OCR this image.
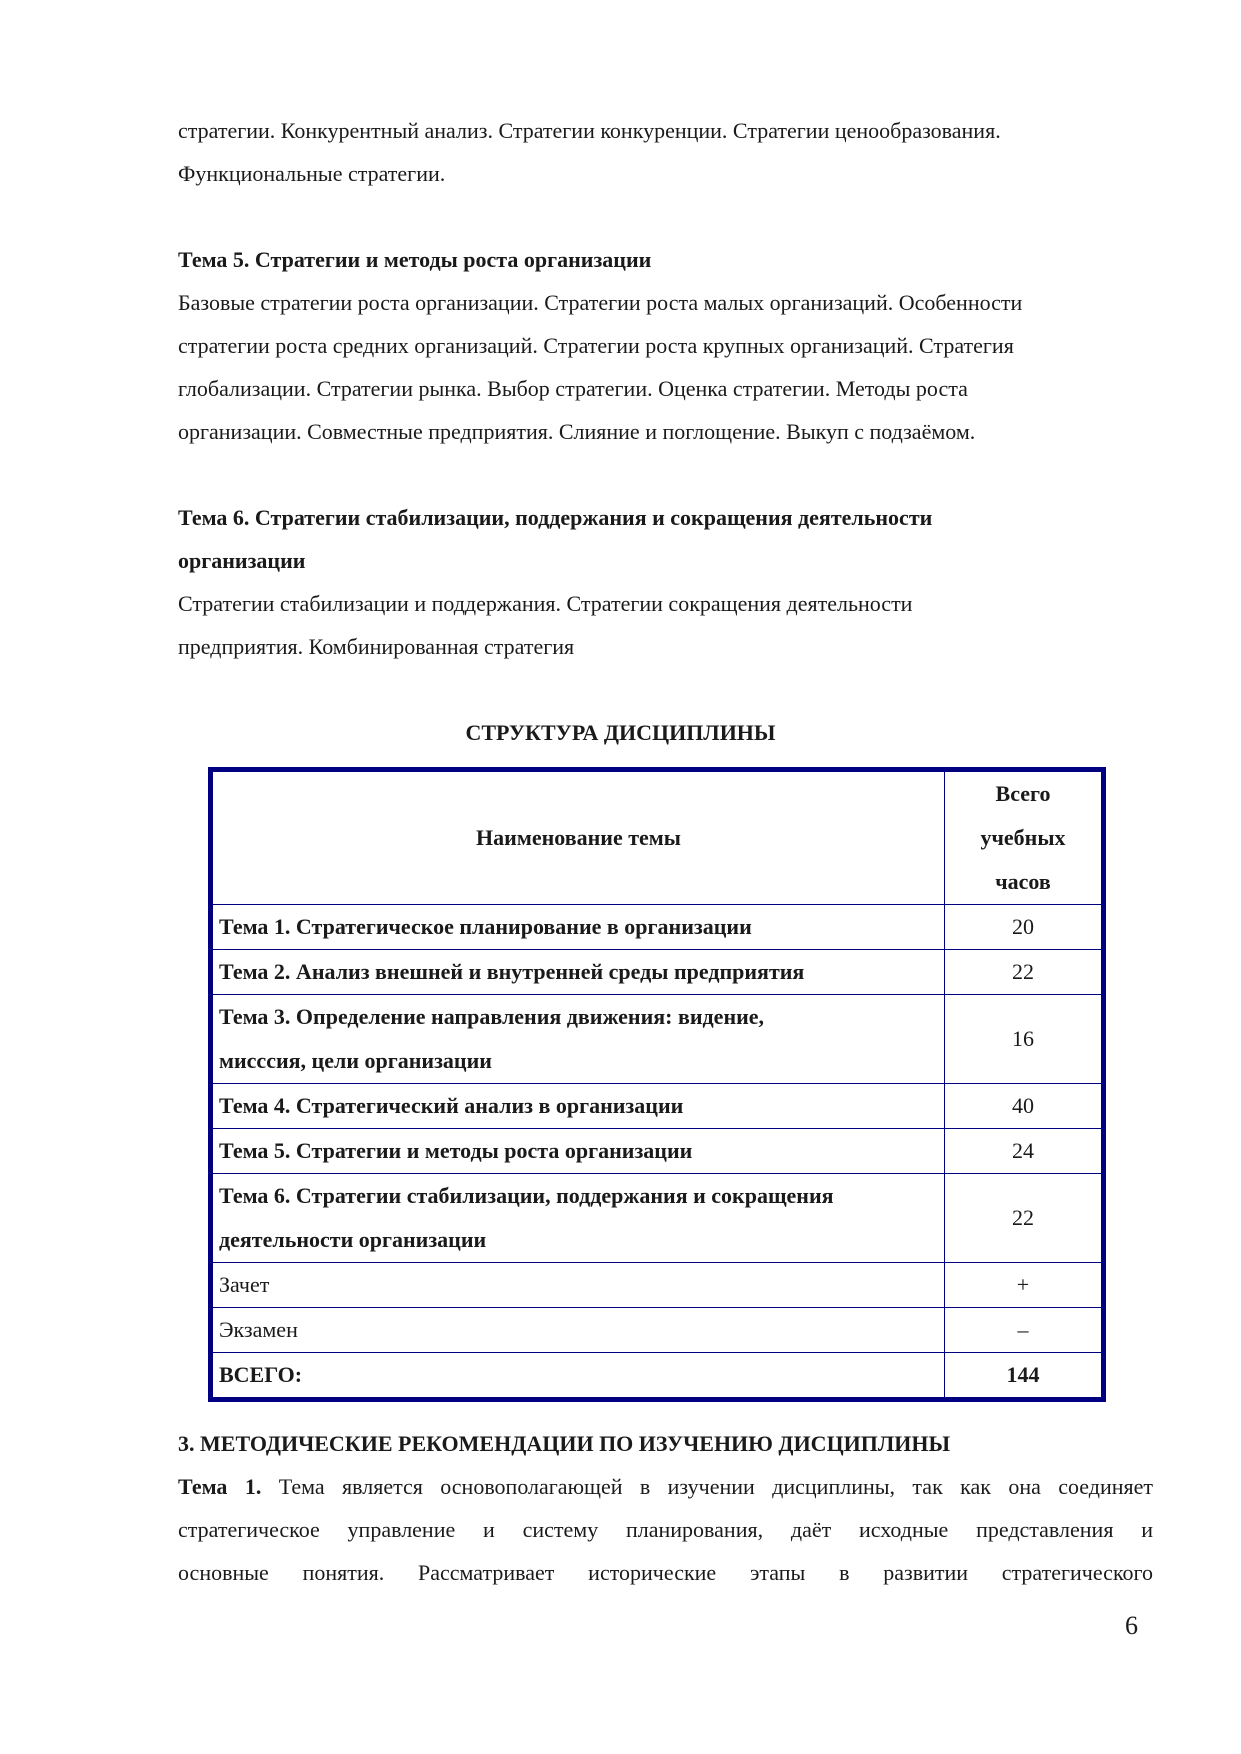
стратегии. Конкурентный анализ. Стратегии конкуренции. Стратегии ценообразования.
Функциональные стратегии.
Тема 5. Стратегии и методы роста организации
Базовые стратегии роста организации. Стратегии роста малых организаций. Особенности
стратегии роста средних организаций. Стратегии роста крупных организаций. Стратегия
глобализации. Стратегии рынка. Выбор стратегии. Оценка стратегии. Методы роста
организации. Совместные предприятия. Слияние и поглощение. Выкуп с подзаёмом.
Тема 6. Стратегии стабилизации, поддержания и сокращения деятельности
организации
Стратегии стабилизации и поддержания. Стратегии сокращения деятельности
предприятия. Комбинированная стратегия
СТРУКТУРА ДИСЦИПЛИНЫ
Наименование темы	Всего
учебных
часов

Тема 1. Стратегическое планирование в организации	20
Тема 2. Анализ внешней и внутренней среды предприятия	22

Тема 3. Определение направления движения: видение,
мисссия, цели организации	16
Тема 4. Стратегический анализ в организации	40
Тема 5. Стратегии и методы роста организации	24

Тема 6. Стратегии стабилизации, поддержания и сокращения
деятельности организации	22
Зачет	+
Экзамен	–
ВСЕГО:	144
3. МЕТОДИЧЕСКИЕ РЕКОМЕНДАЦИИ ПО ИЗУЧЕНИЮ ДИСЦИПЛИНЫ
Тема 1. Тема является основополагающей в изучении дисциплины, так как она соединяет
стратегическое управление и систему планирования, даёт исходные представления и
основные понятия. Рассматривает исторические этапы в развитии стратегического
6
